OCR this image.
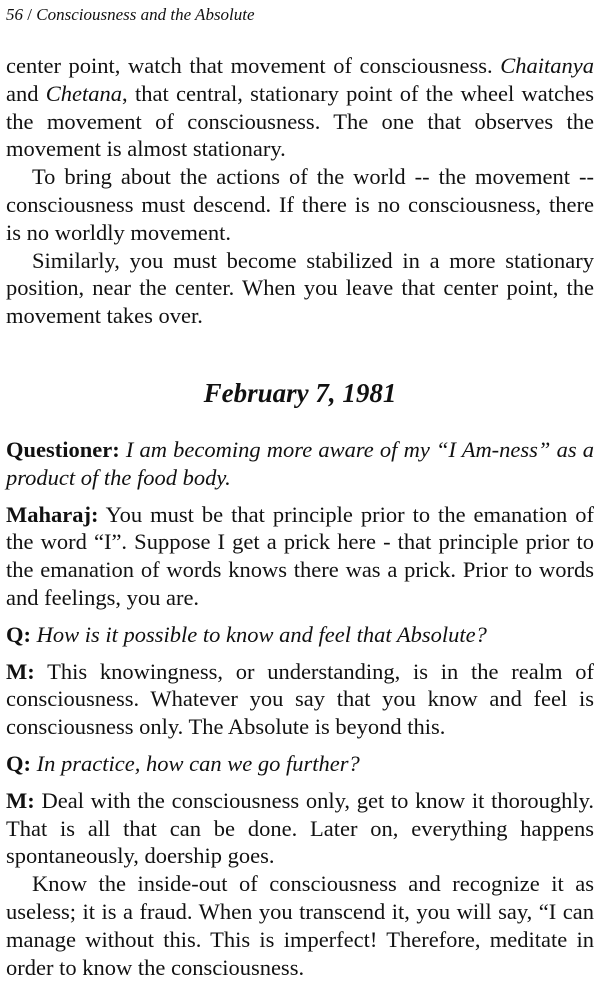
56 / Consciousness and the Absolute

center point, watch that movement of consciousness. Chaitanya and Chetana, that central, stationary point of the wheel watches the movement of consciousness. The one that observes the movement is almost stationary.

To bring about the actions of the world -- the movement -- consciousness must descend. If there is no consciousness, there is no worldly movement.

Similarly, you must become stabilized in a more stationary position, near the center. When you leave that center point, the movement takes over.

February 7, 1981

Questioner: I am becoming more aware of my “I Am-ness” as a product of the food body.

Maharaj: You must be that principle prior to the emanation of the word “I”. Suppose I get a prick here - that principle prior to the emanation of words knows there was a prick. Prior to words and feelings, you are.

Q: How is it possible to know and feel that Absolute?

M: This knowingness, or understanding, is in the realm of consciousness. Whatever you say that you know and feel is consciousness only. The Absolute is beyond this.

Q: In practice, how can we go further?

M: Deal with the consciousness only, get to know it thoroughly. That is all that can be done. Later on, everything happens spontaneously, doership goes.

Know the inside-out of consciousness and recognize it as useless; it is a fraud. When you transcend it, you will say, “I can manage without this. This is imperfect! Therefore, meditate in order to know the consciousness.
